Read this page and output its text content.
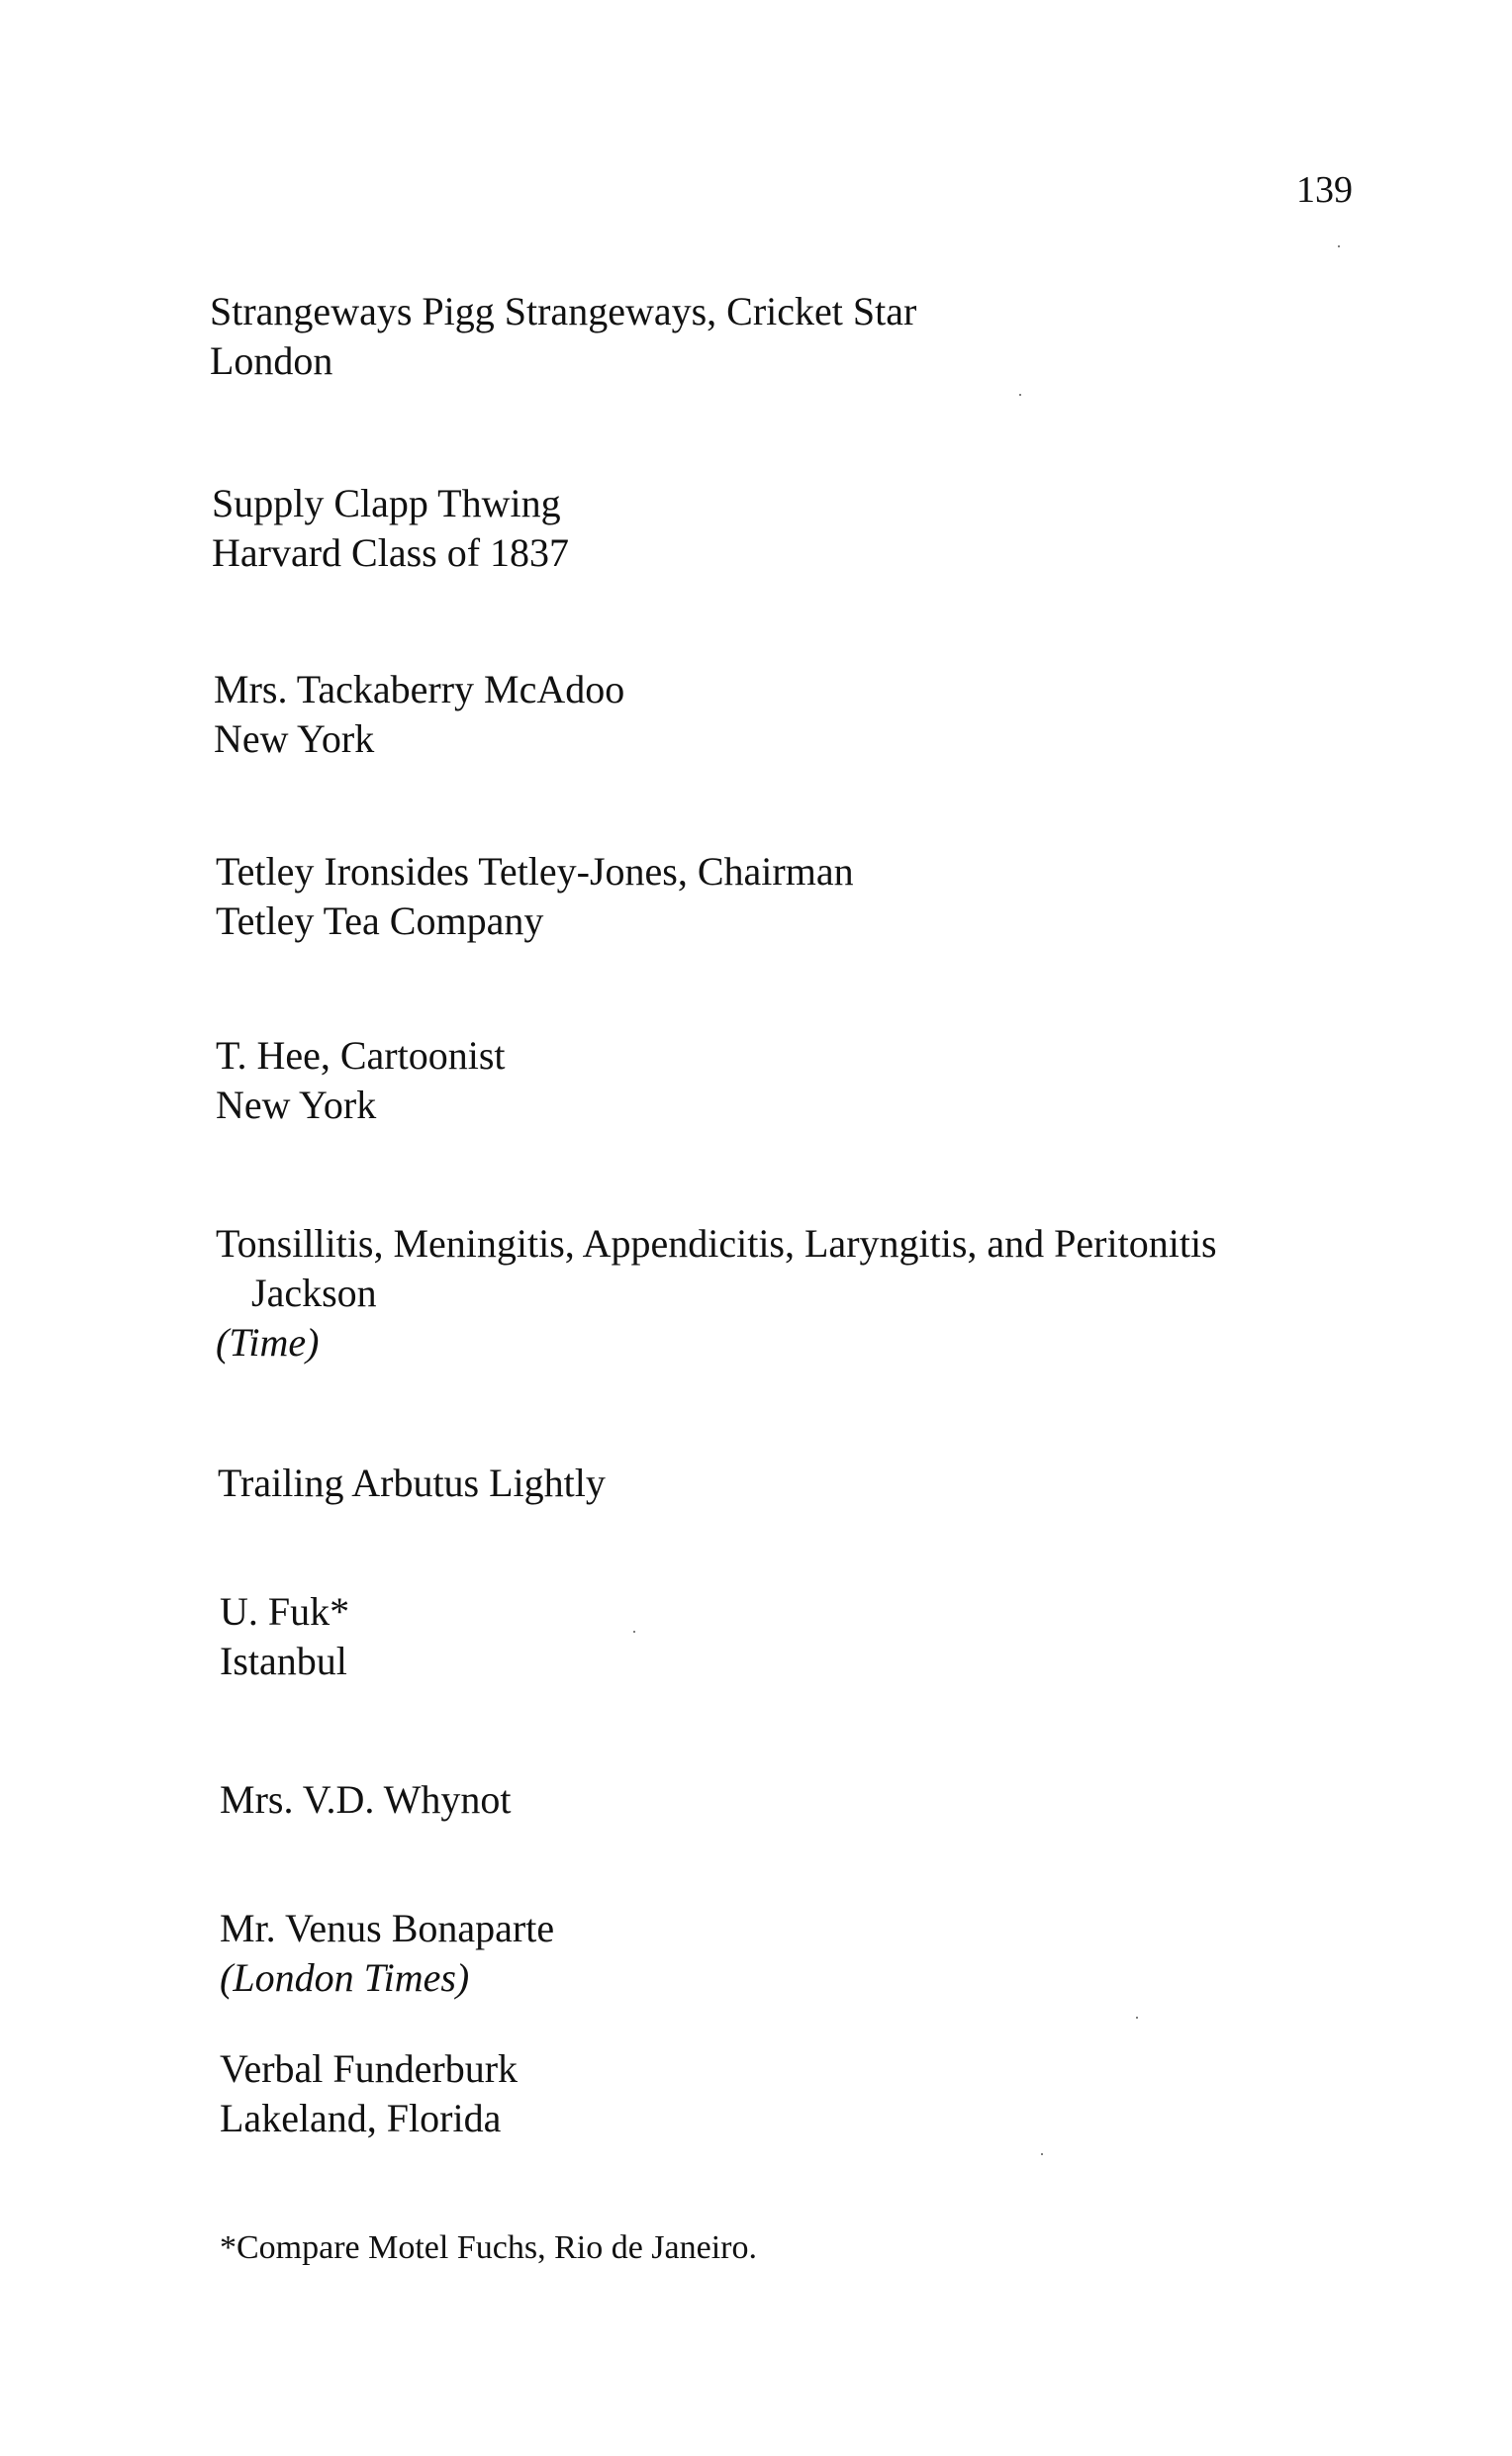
139
Strangeways Pigg Strangeways, Cricket Star
London
Supply Clapp Thwing
Harvard Class of 1837
Mrs. Tackaberry McAdoo
New York
Tetley Ironsides Tetley-Jones, Chairman
Tetley Tea Company
T. Hee, Cartoonist
New York
Tonsillitis, Meningitis, Appendicitis, Laryngitis, and Peritonitis
Jackson
(Time)
Trailing Arbutus Lightly
U. Fuk*
Istanbul
Mrs. V.D. Whynot
Mr. Venus Bonaparte
(London Times)
Verbal Funderburk
Lakeland, Florida
*Compare Motel Fuchs, Rio de Janeiro.
